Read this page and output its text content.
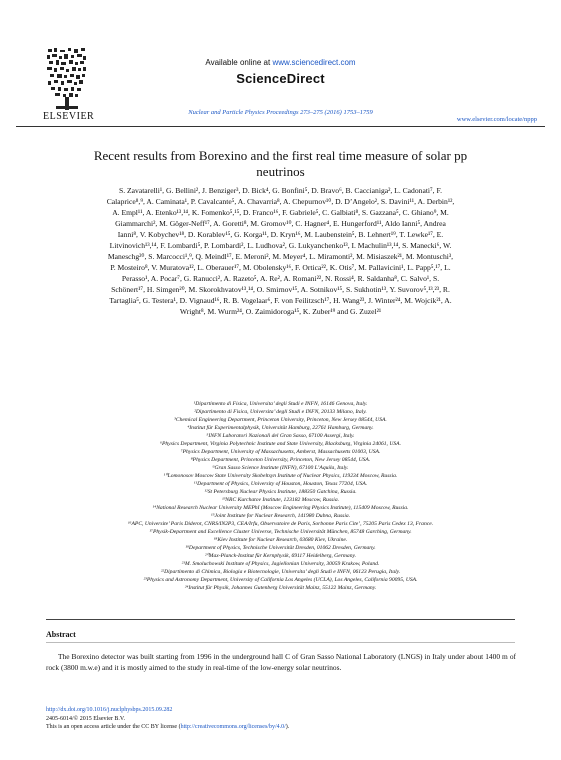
ELSEVIER
Available online at www.sciencedirect.com
ScienceDirect
Nuclear and Particle Physics Proceedings 273–275 (2016) 1753–1759
www.elsevier.com/locate/nppp
Recent results from Borexino and the first real time measure of solar pp
neutrinos
S. Zavatarelli¹, G. Bellini², J. Benziger³, D. Bick⁴, G. Bonfini⁵, D. Bravo⁶, B. Caccianiga², L. Cadonati⁷, F.
Calaprice⁸,⁹, A. Caminata¹, P. Cavalcante⁵, A. Chavarria⁸, A. Chepurnov¹⁰, D. D’Angelo², S. Davini¹¹, A. Derbin¹²,
A. Empl¹¹, A. Etenko¹³,¹⁴, K. Fomenko⁵,¹⁵, D. Franco¹⁶, F. Gabriele⁵, C. Galbiati⁸, S. Gazzana⁵, C. Ghiano⁹, M.
Giammarchi², M. Göger-Neff¹⁷, A. Goretti⁸, M. Gromov¹⁰, C. Hagner⁴, E. Hungerford¹¹, Aldo Ianni⁵, Andrea
Ianni⁸, V. Kobychev¹⁸, D. Korablev¹⁵, G. Korga¹¹, D. Kryn¹⁶, M. Laubenstein⁵, B. Lehnert¹⁹, T. Lewke¹⁷, E.
Litvinovich¹³,¹⁴, F. Lombardi⁵, P. Lombardi², L. Ludhova², G. Lukyanchenko¹³, I. Machulin¹³,¹⁴, S. Manecki⁶, W.
Maneschg²⁰, S. Marcocci¹,⁹, Q. Meindl¹⁷, E. Meroni², M. Meyer⁴, L. Miramonti², M. Misiaszek²¹, M. Montuschi³,
P. Mosteiro⁸, V. Muratova¹², L. Oberauer¹⁷, M. Obolensky¹⁶, F. Ortica²², K. Otis⁷, M. Pallavicini¹, L. Papp⁵,¹⁷, L.
Perasso¹, A. Pocar⁷, G. Ranucci², A. Razeto⁵, A. Re², A. Romani²², N. Rossi⁴, R. Saldanha⁸, C. Salvo¹, S.
Schönert¹⁷, H. Simgen²⁰, M. Skorokhvatov¹³,¹⁴, O. Smirnov¹⁵, A. Sotnikov¹⁵, S. Sukhotin¹³, Y. Suvorov⁵,¹³,²³, R.
Tartaglia⁵, G. Testera¹, D. Vignaud¹⁶, R. B. Vogelaar⁶, F. von Feilitzsch¹⁷, H. Wang²³, J. Winter²⁴, M. Wojcik²¹, A.
Wright⁸, M. Wurm²⁴, O. Zaimidoroga¹⁵, K. Zuber¹⁹ and G. Zuzel²¹
¹Dipartimento di Fisica, Universita’ degli Studi e INFN, 16146 Genova, Italy.
²Dipartimento di Fisica, Universita’ degli Studi e INFN, 20133 Milano, Italy.
³Chemical Engineering Department, Princeton University, Princeton, New Jersey 08544, USA.
⁴Institut für Experimentalphysik, Universität Hamburg, 22761 Hamburg, Germany.
⁵INFN Laboratori Nazionali del Gran Sasso, 67100 Assergi, Italy.
⁶Physics Department, Virginia Polytechnic Institute and State University, Blacksburg, Virginia 24061, USA.
⁷Physics Department, University of Massachusetts, Amherst, Massachusetts 01003, USA.
⁸Physics Department, Princeton University, Princeton, New Jersey 08544, USA.
⁹Gran Sasso Science Institute (INFN), 67100 L’Aquila, Italy.
¹⁰Lomonosov Moscow State University Skobeltsyn Institute of Nuclear Physics, 119234 Moscow, Russia.
¹¹Department of Physics, University of Houston, Houston, Texas 77204, USA.
¹²St Petersburg Nuclear Physics Institute, 188350 Gatchina, Russia.
¹³NRC Kurchatov Institute, 123182 Moscow, Russia.
¹⁴National Research Nuclear University MEPhI (Moscow Engineering Physics Institute), 115409 Moscow, Russia.
¹⁵Joint Institute for Nuclear Research, 141980 Dubna, Russia.
¹⁶APC, Universite’ Paris Diderot, CNRS/IN2P3, CEA/Irfu, Observatoire de Paris, Sorbonne Paris Cite’, 75205 Paris Cedex 13, France.
¹⁷Physik-Department and Excellence Cluster Universe, Technische Universität München, 85748 Garching, Germany.
¹⁸Kiev Institute for Nuclear Research, 03680 Kiev, Ukraine.
¹⁹Department of Physics, Technische Universität Dresden, 01062 Dresden, Germany.
²⁰Max-Planck-Institut für Kernphysik, 69117 Heidelberg, Germany.
²¹M. Smoluchowski Institute of Physics, Jagiellonian University, 30059 Krakow, Poland.
²²Dipartimento di Chimica, Biologia e Biotecnologie, Universita’ degli Studi e INFN, 06123 Perugia, Italy.
²³Physics and Astronomy Department, University of California Los Angeles (UCLA), Los Angeles, California 90095, USA.
²⁴Institut für Physik, Johannes Gutenberg Universität Mainz, 55122 Mainz, Germany.
Abstract
The Borexino detector was built starting from 1996 in the underground hall C of Gran Sasso National Laboratory (LNGS) in Italy under about 1400 m of rock (3800 m.w.e) and it is mostly aimed to the study in real-time of the low-energy solar neutrinos.
http://dx.doi.org/10.1016/j.nuclphysbps.2015.09.282
2405-6014/© 2015 Elsevier B.V.
This is an open access article under the CC BY license (http://creativecommons.org/licenses/by/4.0/).
